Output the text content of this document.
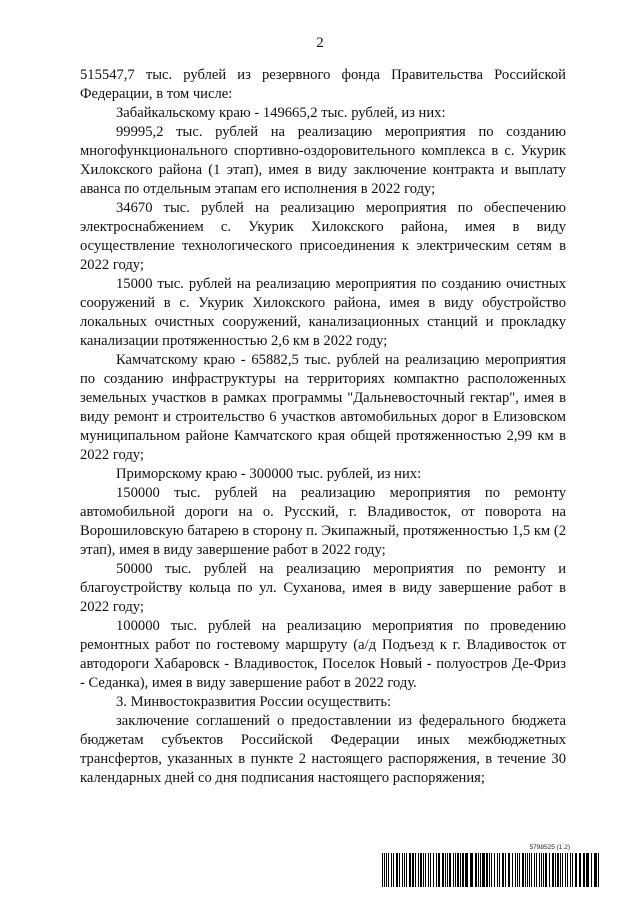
2

515547,7 тыс. рублей из резервного фонда Правительства Российской Федерации, в том числе:

Забайкальскому краю - 149665,2 тыс. рублей, из них:

99995,2 тыс. рублей на реализацию мероприятия по созданию многофункционального спортивно-оздоровительного комплекса в с. Укурик Хилокского района (1 этап), имея в виду заключение контракта и выплату аванса по отдельным этапам его исполнения в 2022 году;

34670 тыс. рублей на реализацию мероприятия по обеспечению электроснабжением с. Укурик Хилокского района, имея в виду осуществление технологического присоединения к электрическим сетям в 2022 году;

15000 тыс. рублей на реализацию мероприятия по созданию очистных сооружений в с. Укурик Хилокского района, имея в виду обустройство локальных очистных сооружений, канализационных станций и прокладку канализации протяженностью 2,6 км в 2022 году;

Камчатскому краю - 65882,5 тыс. рублей на реализацию мероприятия по созданию инфраструктуры на территориях компактно расположенных земельных участков в рамках программы "Дальневосточный гектар", имея в виду ремонт и строительство 6 участков автомобильных дорог в Елизовском муниципальном районе Камчатского края общей протяженностью 2,99 км в 2022 году;

Приморскому краю - 300000 тыс. рублей, из них:

150000 тыс. рублей на реализацию мероприятия по ремонту автомобильной дороги на о. Русский, г. Владивосток, от поворота на Ворошиловскую батарею в сторону п. Экипажный, протяженностью 1,5 км (2 этап), имея в виду завершение работ в 2022 году;

50000 тыс. рублей на реализацию мероприятия по ремонту и благоустройству кольца по ул. Суханова, имея в виду завершение работ в 2022 году;

100000 тыс. рублей на реализацию мероприятия по проведению ремонтных работ по гостевому маршруту (а/д Подъезд к г. Владивосток от автодороги Хабаровск - Владивосток, Поселок Новый - полуостров Де-Фриз - Седанка), имея в виду завершение работ в 2022 году.

3. Минвостокразвития России осуществить:

заключение соглашений о предоставлении из федерального бюджета бюджетам субъектов Российской Федерации иных межбюджетных трансфертов, указанных в пункте 2 настоящего распоряжения, в течение 30 календарных дней со дня подписания настоящего распоряжения;

5798525 (1.2)
